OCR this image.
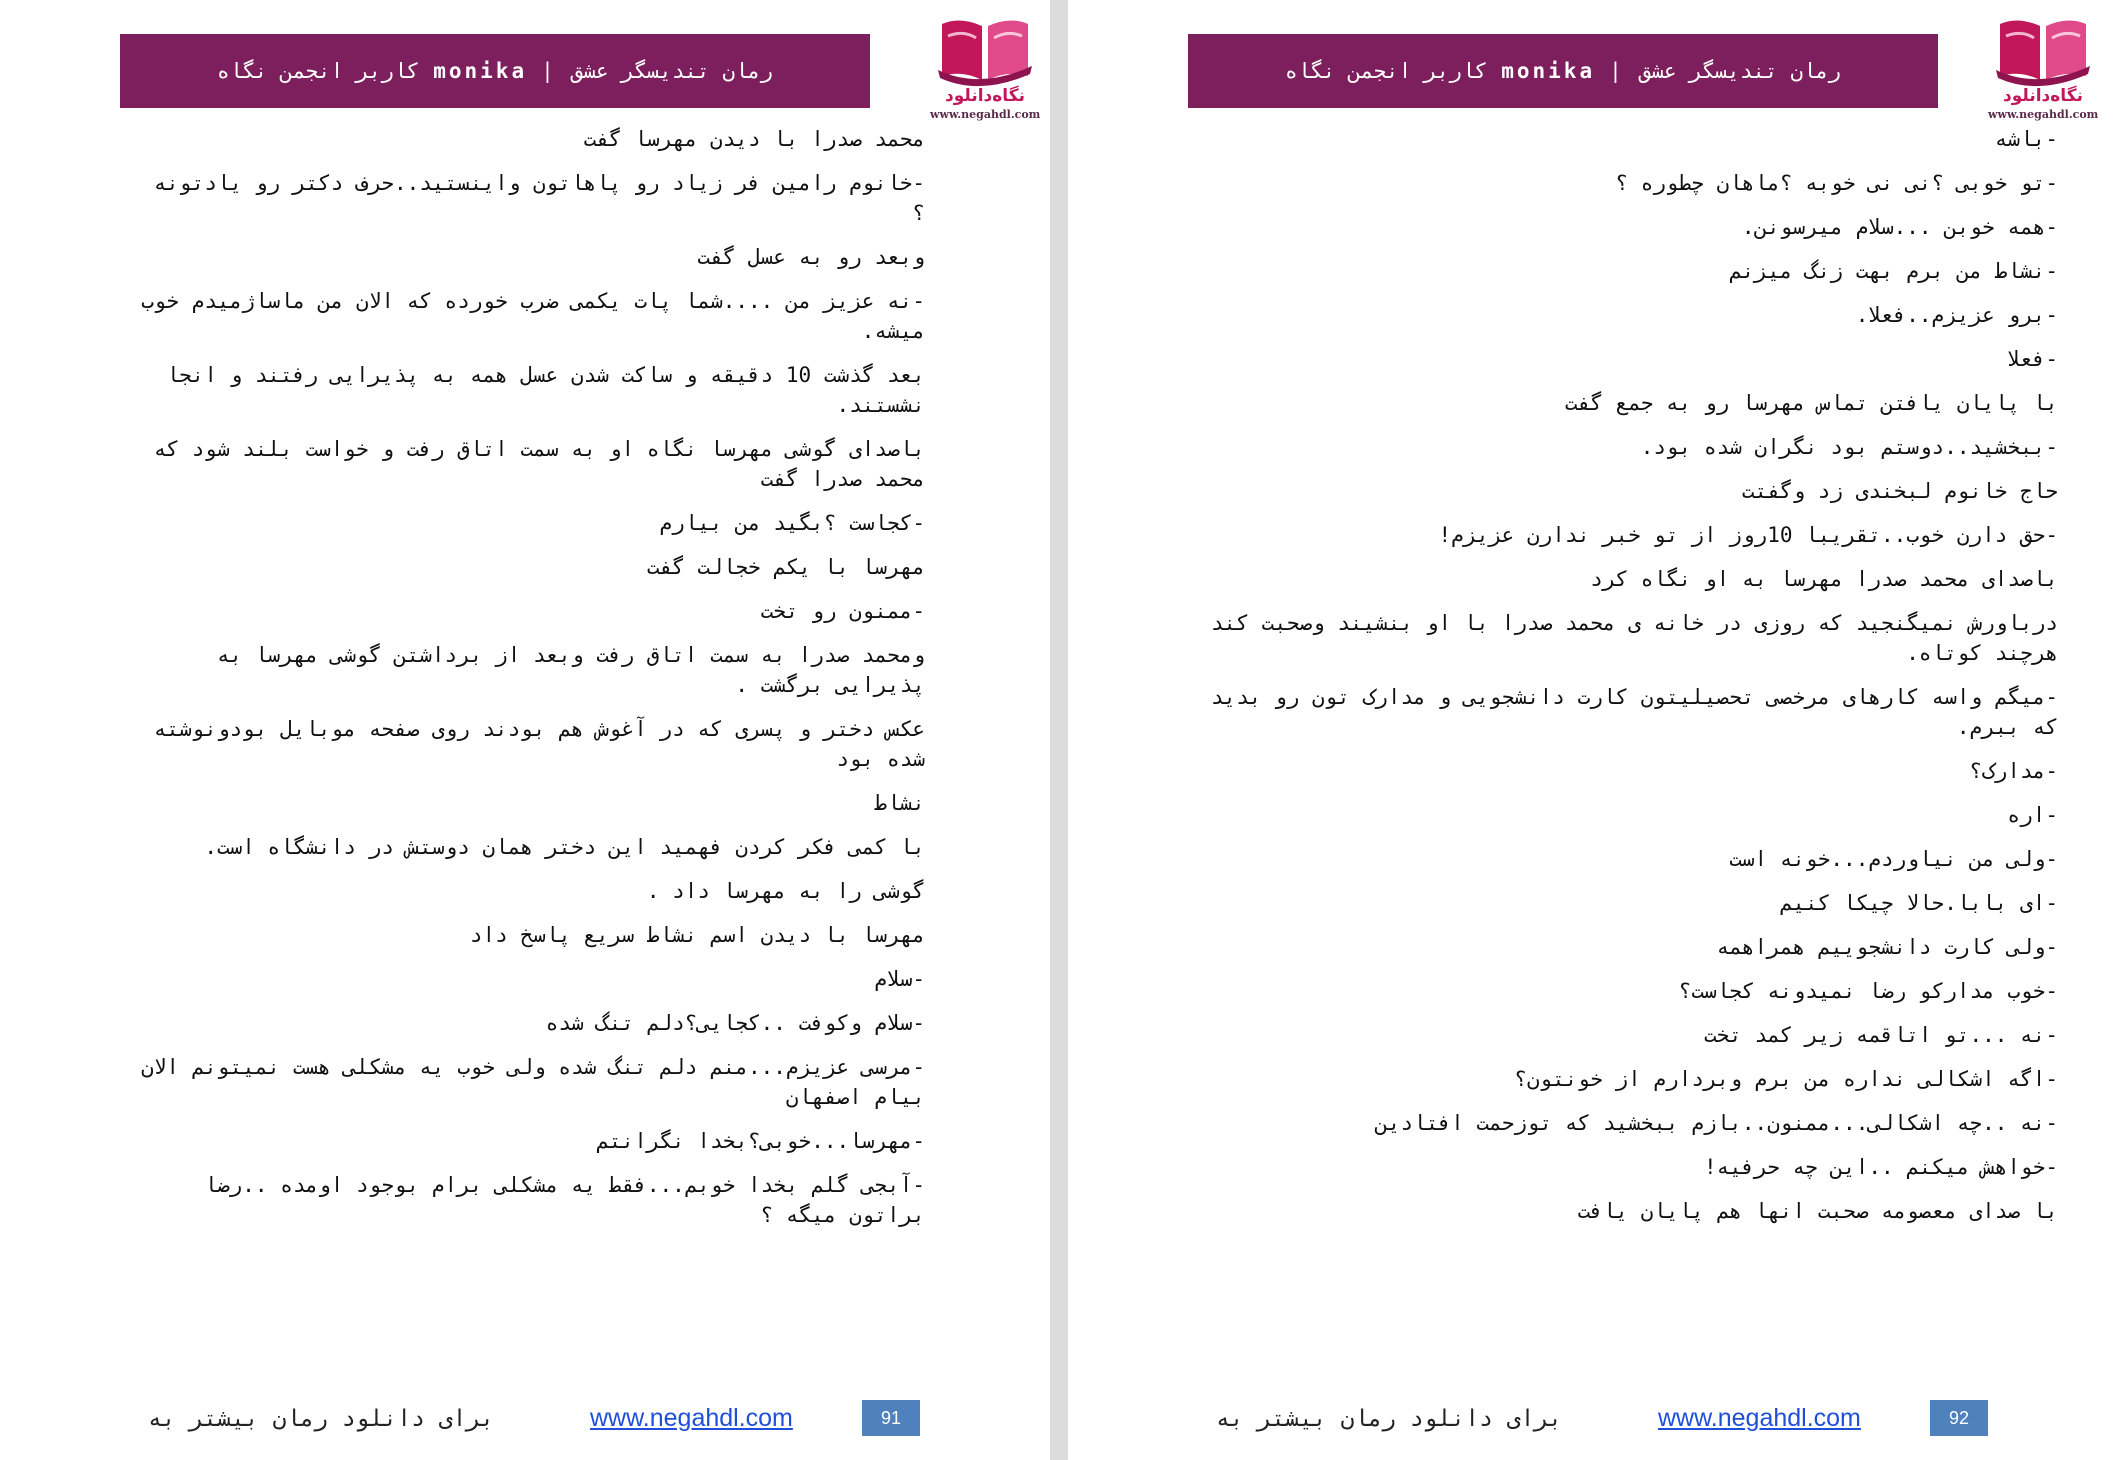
کاربر انجمن نگاه monika | رمان تندیسگر عشق
نگاه‌دانلود
www.negahdl.com

محمد صدرا با دیدن مهرسا گفت

-خانوم رامین فر زیاد رو پاهاتون واینستید..حرف دکتر رو یادتونه ؟

وبعد رو به عسل گفت

-نه عزیز من ....شما پات یکمی ضرب خورده که الان من ماساژمیدم خوب میشه.

بعد گذشت 10 دقیقه و ساکت شدن عسل همه به پذیرایی رفتند و انجا نشستند.

باصدای گوشی مهرسا نگاه او به سمت اتاق رفت و خواست بلند شود که محمد صدرا گفت

-کجاست ؟بگید من بیارم

مهرسا با یکم خجالت گفت

-ممنون رو تخت

ومحمد صدرا به سمت اتاق رفت وبعد از برداشتن گوشی مهرسا به پذیرایی برگشت .

عکس دختر و پسری که در آغوش هم بودند روی صفحه موبایل بودونوشته شده بود

نشاط

با کمی فکر کردن فهمید این دختر همان دوستش در دانشگاه است.

گوشی را به مهرسا داد .

مهرسا با دیدن اسم نشاط سریع پاسخ داد

-سلام

-سلام وکوفت ..کجایی؟دلم تنگ شده

-مرسی عزیزم...منم دلم تنگ شده ولی خوب یه مشکلی هست نمیتونم الان بیام اصفهان

-مهرسا...خوبی؟بخدا نگرانتم

-آبجی گلم بخدا خوبم...فقط یه مشکلی برام بوجود اومده ..رضا براتون میگه ؟

برای دانلود رمان بیشتر به	www.negahdl.com	91
کاربر انجمن نگاه monika | رمان تندیسگر عشق
نگاه‌دانلود
www.negahdl.com

-باشه

-تو خوبی ؟نی نی خوبه ؟ماهان چطوره ؟

-همه خوبن ...سلام میرسونن.

-نشاط من برم بهت زنگ میزنم

-برو عزیزم..فعلا.

-فعلا

با پایان یافتن تماس مهرسا رو به جمع گفت

-ببخشید..دوستم بود نگران شده بود.

حاج خانوم لبخندی زد وگفتت

-حق دارن خوب..تقریبا 10روز از تو خبر ندارن عزیزم!

باصدای محمد صدرا مهرسا به او نگاه کرد

درباورش نمیگنجید که روزی در خانه ی محمد صدرا با او بنشیند وصحبت کند هرچند کوتاه.

-میگم واسه کارهای مرخصی تحصیلیتون کارت دانشجویی و مدارک تون رو بدید که ببرم.

-مدارک؟

-اره

-ولی من نیاوردم...خونه است

-ای بابا.حالا چیکا کنیم

-ولی کارت دانشجوییم همراهمه

-خوب مدارکو رضا نمیدونه کجاست؟

-نه ...تو اتاقمه زیر کمد تخت

-اگه اشکالی نداره من برم وبردارم از خونتون؟

-نه ..چه اشکالی...ممنون..بازم ببخشید که توزحمت افتادین

-خواهش میکنم ..این چه حرفیه!

با صدای معصومه صحبت انها هم پایان یافت

برای دانلود رمان بیشتر به	www.negahdl.com	92
